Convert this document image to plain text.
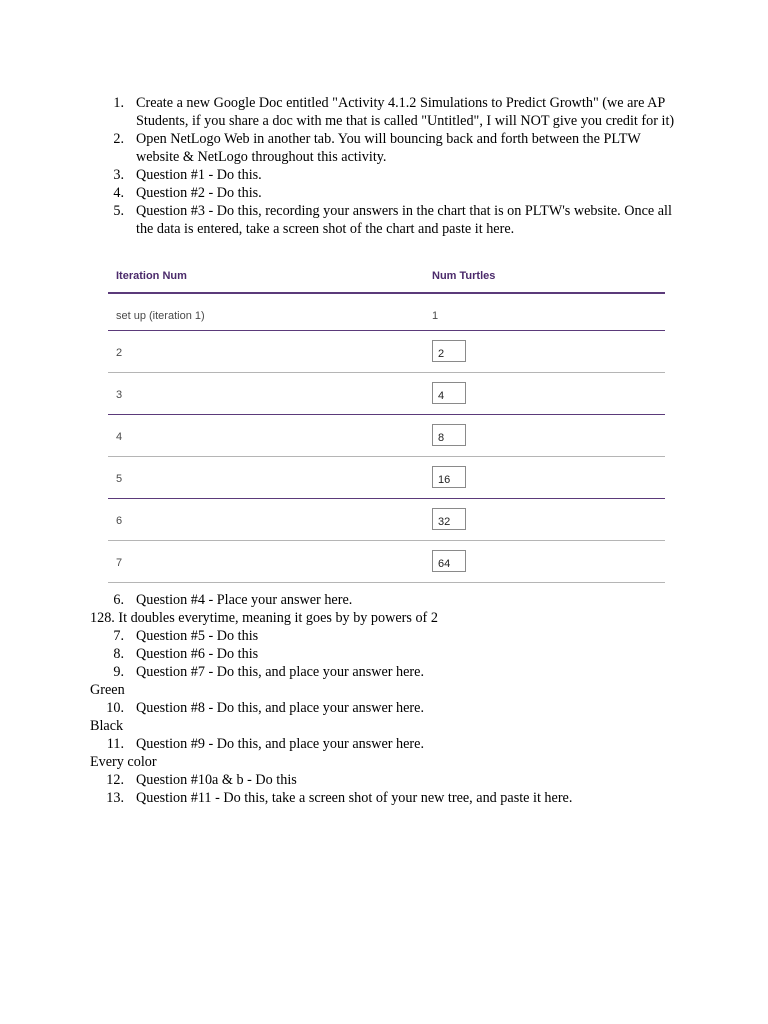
1. Create a new Google Doc entitled "Activity 4.1.2 Simulations to Predict Growth" (we are AP Students, if you share a doc with me that is called "Untitled", I will NOT give you credit for it)
2. Open NetLogo Web in another tab. You will bouncing back and forth between the PLTW website & NetLogo throughout this activity.
3. Question #1 - Do this.
4. Question #2 - Do this.
5. Question #3 - Do this, recording your answers in the chart that is on PLTW's website. Once all the data is entered, take a screen shot of the chart and paste it here.
Iteration Num	Num Turtles
set up (iteration 1)	1
2	2
3	4
4	8
5	16
6	32
7	64
6. Question #4 - Place your answer here.
128. It doubles everytime, meaning it goes by by powers of 2
7. Question #5 - Do this
8. Question #6 - Do this
9. Question #7 - Do this, and place your answer here.
Green
10. Question #8 - Do this, and place your answer here.
Black
11. Question #9 - Do this, and place your answer here.
Every color
12. Question #10a & b - Do this
13. Question #11 - Do this, take a screen shot of your new tree, and paste it here.
